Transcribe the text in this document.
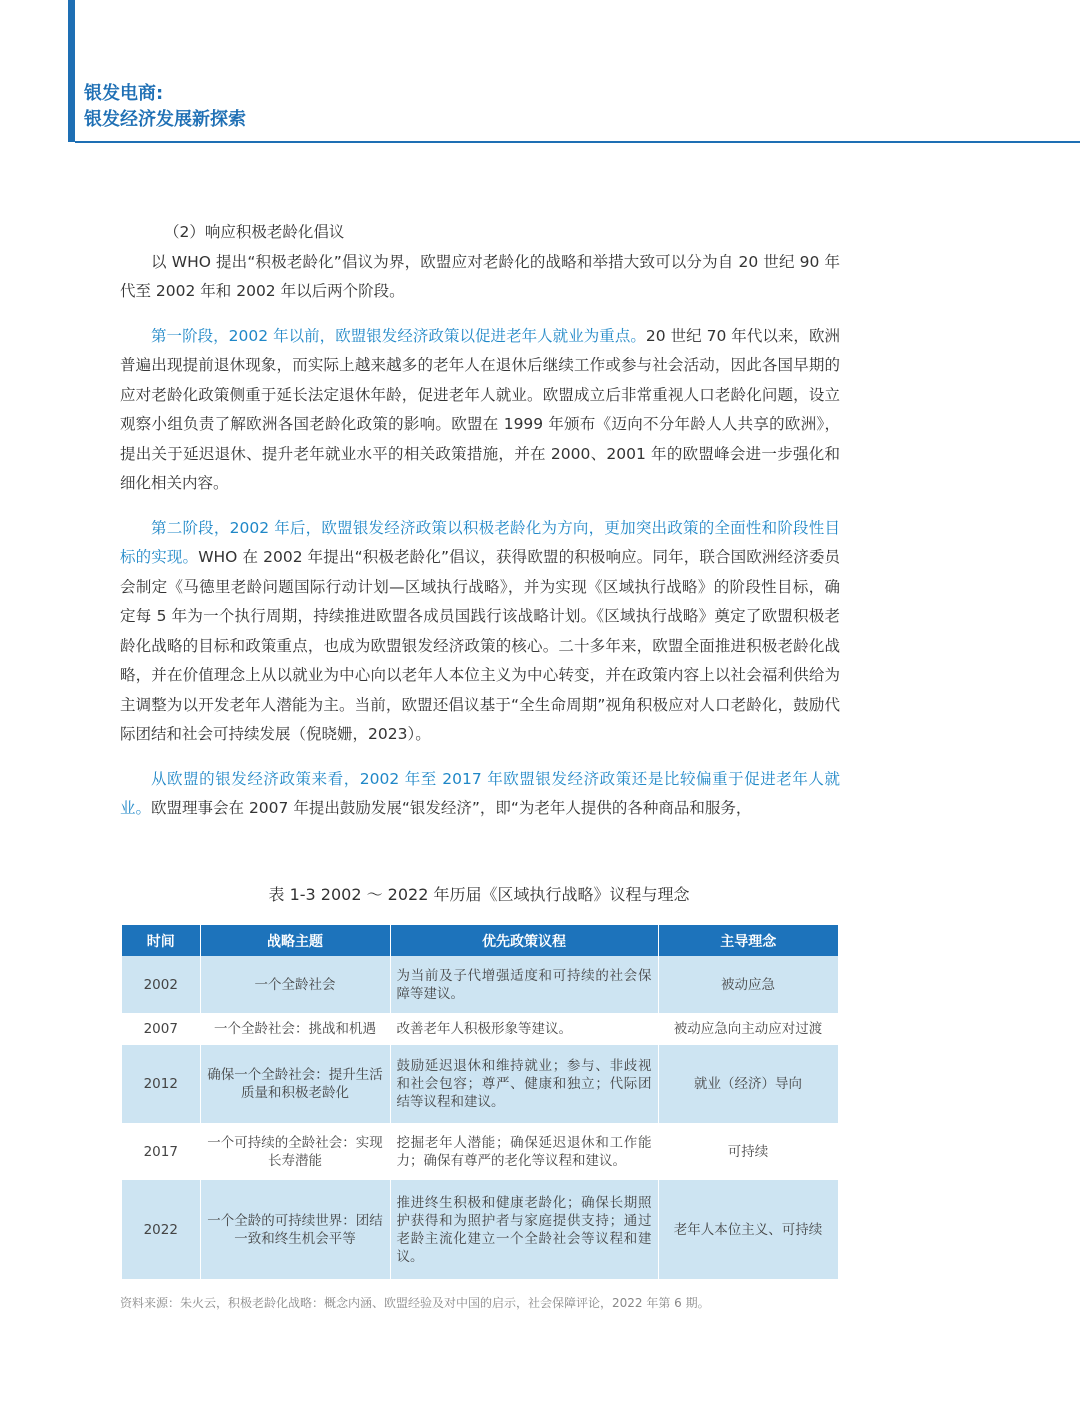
银发电商:
银发经济发展新探索

（2）响应积极老龄化倡议

以 WHO 提出“积极老龄化”倡议为界，欧盟应对老龄化的战略和举措大致可以分为自 20 世纪 90 年代至 2002 年和 2002 年以后两个阶段。

第一阶段，2002 年以前，欧盟银发经济政策以促进老年人就业为重点。20 世纪 70 年代以来，欧洲普遍出现提前退休现象，而实际上越来越多的老年人在退休后继续工作或参与社会活动，因此各国早期的应对老龄化政策侧重于延长法定退休年龄，促进老年人就业。欧盟成立后非常重视人口老龄化问题，设立观察小组负责了解欧洲各国老龄化政策的影响。欧盟在 1999 年颁布《迈向不分年龄人人共享的欧洲》，提出关于延迟退休、提升老年就业水平的相关政策措施，并在 2000、2001 年的欧盟峰会进一步强化和细化相关内容。

第二阶段，2002 年后，欧盟银发经济政策以积极老龄化为方向，更加突出政策的全面性和阶段性目标的实现。WHO 在 2002 年提出“积极老龄化”倡议，获得欧盟的积极响应。同年，联合国欧洲经济委员会制定《马德里老龄问题国际行动计划—区域执行战略》，并为实现《区域执行战略》的阶段性目标，确定每 5 年为一个执行周期，持续推进欧盟各成员国践行该战略计划。《区域执行战略》奠定了欧盟积极老龄化战略的目标和政策重点，也成为欧盟银发经济政策的核心。二十多年来，欧盟全面推进积极老龄化战略，并在价值理念上从以就业为中心向以老年人本位主义为中心转变，并在政策内容上以社会福利供给为主调整为以开发老年人潜能为主。当前，欧盟还倡议基于“全生命周期”视角积极应对人口老龄化，鼓励代际团结和社会可持续发展（倪晓姗，2023）。

从欧盟的银发经济政策来看，2002 年至 2017 年欧盟银发经济政策还是比较偏重于促进老年人就业。欧盟理事会在 2007 年提出鼓励发展“银发经济”，即“为老年人提供的各种商品和服务，

表 1-3 2002 ～ 2022 年历届《区域执行战略》议程与理念
时间	战略主题	优先政策议程	主导理念
2002	一个全龄社会	为当前及子代增强适度和可持续的社会保障等建议。	被动应急
2007	一个全龄社会：挑战和机遇	改善老年人积极形象等建议。	被动应急向主动应对过渡
2012	确保一个全龄社会：提升生活质量和积极老龄化	鼓励延迟退休和维持就业；参与、非歧视和社会包容；尊严、健康和独立；代际团结等议程和建议。	就业（经济）导向
2017	一个可持续的全龄社会：实现长寿潜能	挖掘老年人潜能；确保延迟退休和工作能力；确保有尊严的老化等议程和建议。	可持续
2022	一个全龄的可持续世界：团结一致和终生机会平等	推进终生积极和健康老龄化；确保长期照护获得和为照护者与家庭提供支持；通过老龄主流化建立一个全龄社会等议程和建议。	老年人本位主义、可持续
资料来源：朱火云，积极老龄化战略：概念内涵、欧盟经验及对中国的启示，社会保障评论，2022 年第 6 期。
